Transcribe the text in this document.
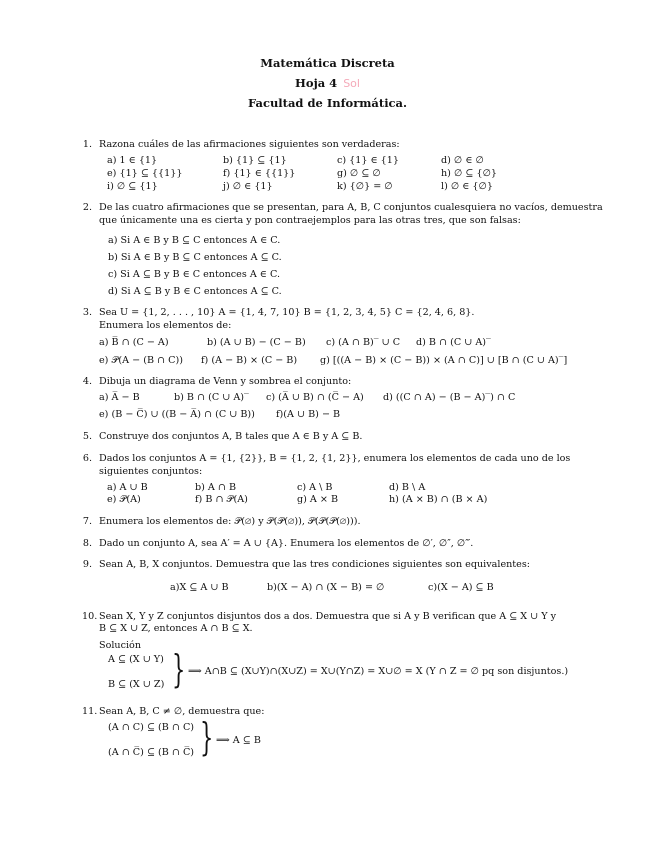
Matemática Discreta
Hoja 4 Sol
Facultad de Informática.
1. Razona cuáles de las afirmaciones siguientes son verdaderas:
a) 1 ∈ {1}	b) {1} ⊆ {1}	c) {1} ∈ {1}	d) ∅ ∈ ∅
e) {1} ⊆ {{1}}	f) {1} ∈ {{1}}	g) ∅ ⊆ ∅	h) ∅ ⊆ {∅}
i) ∅ ⊆ {1}	j) ∅ ∈ {1}	k) {∅} = ∅	l) ∅ ∈ {∅}
2. De las cuatro afirmaciones que se presentan, para A, B, C conjuntos cualesquiera no vacíos, demuestra
que únicamente una es cierta y pon contraejemplos para las otras tres, que son falsas:
a) Si A ∈ B y B ⊆ C entonces A ∈ C.
b) Si A ∈ B y B ⊆ C entonces A ⊆ C.
c) Si A ⊆ B y B ∈ C entonces A ∈ C.
d) Si A ⊆ B y B ∈ C entonces A ⊆ C.
3. Sea U = {1, 2, . . . , 10} A = {1, 4, 7, 10} B = {1, 2, 3, 4, 5} C = {2, 4, 6, 8}.
Enumera los elementos de:
a) B̅ ∩ (C − A)	b) (A ∪ B) − (C − B) c) (A ∩ B)‾ ∪ C d) B ∩ (C ∪ A)‾
e) 𝒫(A − (B ∩ C)) f) (A − B) × (C − B) g) [((A − B) × (C − B)) × (A ∩ C)] ∪ [B ∩ (C ∪ A)‾]
4. Dibuja un diagrama de Venn y sombrea el conjunto:
a) A̅ − B	b) B ∩ (C ∪ A)‾ c) (A̅ ∪ B) ∩ (C̅ − A) d) ((C ∩ A) − (B − A)‾) ∩ C
e) (B − C̅) ∪ ((B − A̅) ∩ (C ∪ B)) f)(A ∪ B) − B
5. Construye dos conjuntos A, B tales que A ∈ B y A ⊆ B.
6. Dados los conjuntos A = {1, {2}}, B = {1, 2, {1, 2}}, enumera los elementos de cada uno de los
siguientes conjuntos:
a) A ∪ B	b) A ∩ B	c) A \ B	d) B \ A
e) 𝒫(A)	f) B ∩ 𝒫(A)	g) A × B	h) (A × B) ∩ (B × A)
7. Enumera los elementos de: 𝒫(∅) y 𝒫(𝒫(∅)), 𝒫(𝒫(𝒫(∅))).
8. Dado un conjunto A, sea A′ = A ∪ {A}. Enumera los elementos de ∅′, ∅″, ∅‴.
9. Sean A, B, X conjuntos. Demuestra que las tres condiciones siguientes son equivalentes:
a)X ⊆ A ∪ B	b)(X − A) ∩ (X − B) = ∅	c)(X − A) ⊆ B
10. Sean X, Y y Z conjuntos disjuntos dos a dos. Demuestra que si A y B verifican que A ⊆ X ∪ Y y
B ⊆ X ∪ Z, entonces A ∩ B ⊆ X.
Solución
A ⊆ (X ∪ Y)
B ⊆ (X ∪ Z) } ⟹ A∩B ⊆ (X∪Y)∩(X∪Z) = X∪(Y∩Z) = X∪∅ = X (Y ∩ Z = ∅ pq son disjuntos.)
11. Sean A, B, C ≠ ∅, demuestra que:
(A ∩ C) ⊆ (B ∩ C)
(A ∩ C̅) ⊆ (B ∩ C̅) } ⟹ A ⊆ B
